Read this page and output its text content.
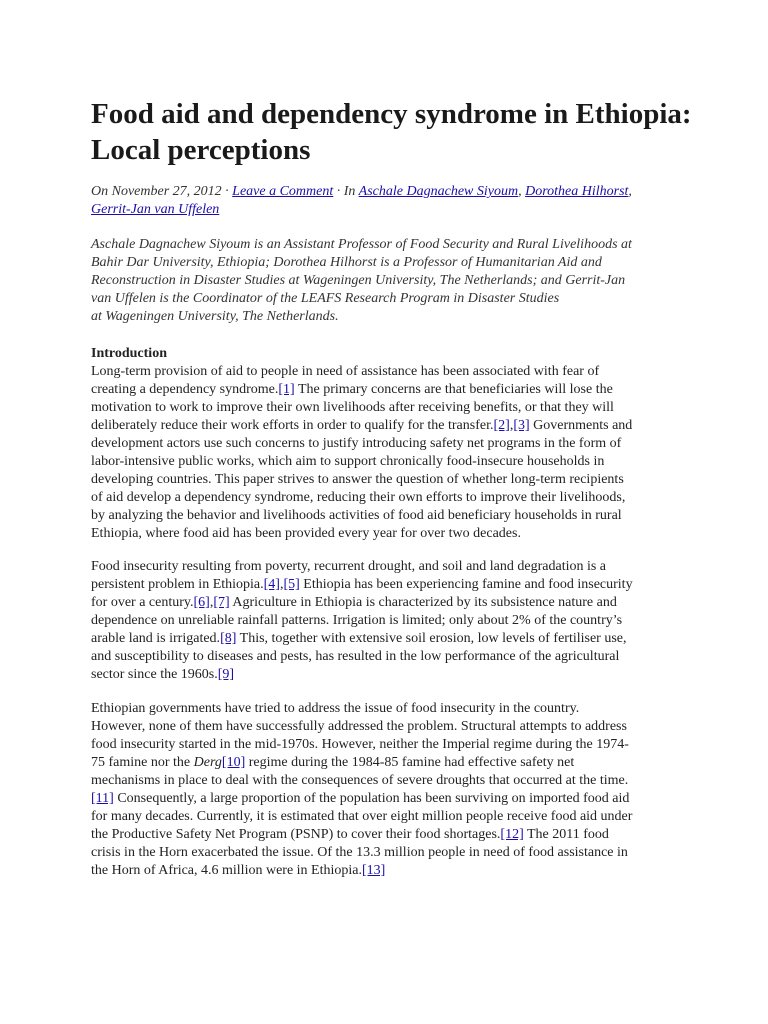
Food aid and dependency syndrome in Ethiopia: Local perceptions
On November 27, 2012 · Leave a Comment · In Aschale Dagnachew Siyoum, Dorothea Hilhorst,
Gerrit-Jan van Uffelen
Aschale Dagnachew Siyoum is an Assistant Professor of Food Security and Rural Livelihoods at
Bahir Dar University, Ethiopia; Dorothea Hilhorst is a Professor of Humanitarian Aid and
Reconstruction in Disaster Studies at Wageningen University, The Netherlands; and Gerrit-Jan
van Uffelen is the Coordinator of the LEAFS Research Program in Disaster Studies
at Wageningen University, The Netherlands.
Introduction
Long-term provision of aid to people in need of assistance has been associated with fear of
creating a dependency syndrome.[1] The primary concerns are that beneficiaries will lose the
motivation to work to improve their own livelihoods after receiving benefits, or that they will
deliberately reduce their work efforts in order to qualify for the transfer.[2],[3] Governments and
development actors use such concerns to justify introducing safety net programs in the form of
labor-intensive public works, which aim to support chronically food-insecure households in
developing countries. This paper strives to answer the question of whether long-term recipients
of aid develop a dependency syndrome, reducing their own efforts to improve their livelihoods,
by analyzing the behavior and livelihoods activities of food aid beneficiary households in rural
Ethiopia, where food aid has been provided every year for over two decades.
Food insecurity resulting from poverty, recurrent drought, and soil and land degradation is a
persistent problem in Ethiopia.[4],[5] Ethiopia has been experiencing famine and food insecurity
for over a century.[6],[7] Agriculture in Ethiopia is characterized by its subsistence nature and
dependence on unreliable rainfall patterns. Irrigation is limited; only about 2% of the country’s
arable land is irrigated.[8] This, together with extensive soil erosion, low levels of fertiliser use,
and susceptibility to diseases and pests, has resulted in the low performance of the agricultural
sector since the 1960s.[9]
Ethiopian governments have tried to address the issue of food insecurity in the country.
However, none of them have successfully addressed the problem. Structural attempts to address
food insecurity started in the mid-1970s. However, neither the Imperial regime during the 1974-
75 famine nor the Derg[10] regime during the 1984-85 famine had effective safety net
mechanisms in place to deal with the consequences of severe droughts that occurred at the time.
[11] Consequently, a large proportion of the population has been surviving on imported food aid
for many decades. Currently, it is estimated that over eight million people receive food aid under
the Productive Safety Net Program (PSNP) to cover their food shortages.[12] The 2011 food
crisis in the Horn exacerbated the issue. Of the 13.3 million people in need of food assistance in
the Horn of Africa, 4.6 million were in Ethiopia.[13]
